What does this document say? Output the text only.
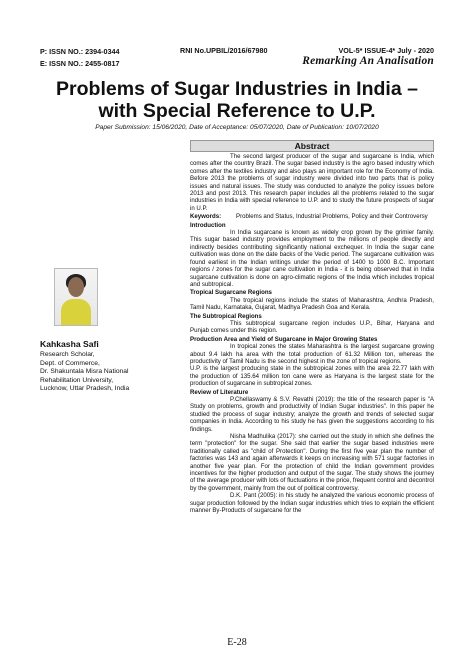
P: ISSN NO.: 2394-0344
E: ISSN NO.: 2455-0817
RNI No.UPBIL/2016/67980	VOL-5* ISSUE-4* July - 2020
Remarking An Analisation
Problems of Sugar Industries in India – with Special Reference to U.P.
Paper Submission: 15/06/2020, Date of Acceptance: 05/07/2020, Date of Publication: 10/07/2020
Kahkasha Safi
Research Scholar,
Dept. of Commerce,
Dr. Shakuntala Misra National
Rehabilitation University,
Lucknow, Uttar Pradesh, India
Abstract

The second largest producer of the sugar and sugarcane is India, which comes after the country Brazil. The sugar based industry is the agro based industry which comes after the textiles industry and also plays an important role for the Economy of India. Before 2013 the problems of sugar industry were divided into two parts that is policy issues and natural issues. The study was conducted to analyze the policy issues before 2013 and post 2013. This research paper includes all the problems related to the sugar industries in India with special reference to U.P. and to study the future prospects of sugar in U.P.

Keywords:	Problems and Status, Industrial Problems, Policy and their Controversy
Introduction

In India sugarcane is known as widely crop grown by the grimier family. This sugar based industry provides employment to the millions of people directly and indirectly besides contributing significantly national exchequer. In India the sugar cane cultivation was done on the date backs of the Vedic period. The sugarcane cultivation was found earliest in the Indian writings under the period of 1400 to 1000 B.C. Important regions / zones for the sugar cane cultivation in India - it is being observed that in India sugarcane cultivation is done on agro-climatic regions of the India which includes tropical and subtropical.

Tropical Sugarcane Regions

The tropical regions include the states of Maharashtra, Andhra Pradesh, Tamil Nadu, Karnataka, Gujarat, Madhya Pradesh Goa and Kerala.

The Subtropical Regions

This subtropical sugarcane region includes U.P., Bihar, Haryana and Punjab comes under this region.

Production Area and Yield of Sugarcane in Major Growing States

In tropical zones the states Maharashtra is the largest sugarcane growing about 9.4 lakh ha area with the total production of 61.32 Million ton, whereas the productivity of Tamil Nadu is the second highest in the zone of tropical regions.

U.P. is the largest producing state in the subtropical zones with the area 22.77 lakh with the production of 135.64 million ton cane were as Haryana is the largest state for the production of sugarcane in subtropical zones.

Review of Literature

P.Chellaswamy & S.V. Revathi (2019): the title of the research paper is "A Study on problems, growth and productivity of Indian Sugar industries". In this paper he studied the process of sugar industry; analyze the growth and trends of selected sugar companies in India. According to his study he has given the suggestions according to his findings.

Nisha Madhulika (2017): she carried out the study in which she defines the term "protection" for the sugar. She said that earlier the sugar based industries were traditionally called as "child of Protection". During the first five year plan the number of factories was 143 and again afterwards it keeps on increasing with 571 sugar factories in another five year plan. For the protection of child the Indian government provides incentives for the higher production and output of the sugar. The study shows the journey of the average producer with lots of fluctuations in the price, frequent control and decontrol by the government, mainly from the out of political controversy.

D.K. Pant (2005): in his study he analyzed the various economic process of sugar production followed by the Indian sugar industries which tries to explain the efficient manner By-Products of sugarcane for the

E-28
